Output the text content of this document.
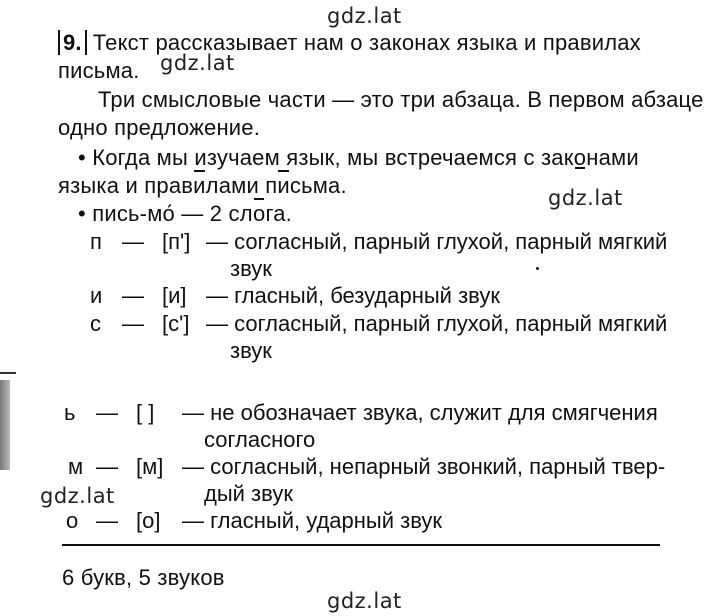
gdz.lat
gdz.lat
gdz.lat
gdz.lat
gdz.lat
9. Текст рассказывает нам о законах языка и правилах
письма.
Три смысловые части — это три абзаца. В первом абзаце
одно предложение.
• Когда мы изучаем язык, мы встречаемся с законами
языка и правилами письма.
• пись-мо́ — 2 слога.
п — [п'] — согласный, парный глухой, парный мягкий
звук
и — [и] — гласный, безударный звук
с — [с'] — согласный, парный глухой, парный мягкий
звук
ь — [ ] — не обозначает звука, служит для смягчения
согласного
м — [м] — согласный, непарный звонкий, парный твер-
дый звук
о — [о] — гласный, ударный звук
6 букв, 5 звуков
